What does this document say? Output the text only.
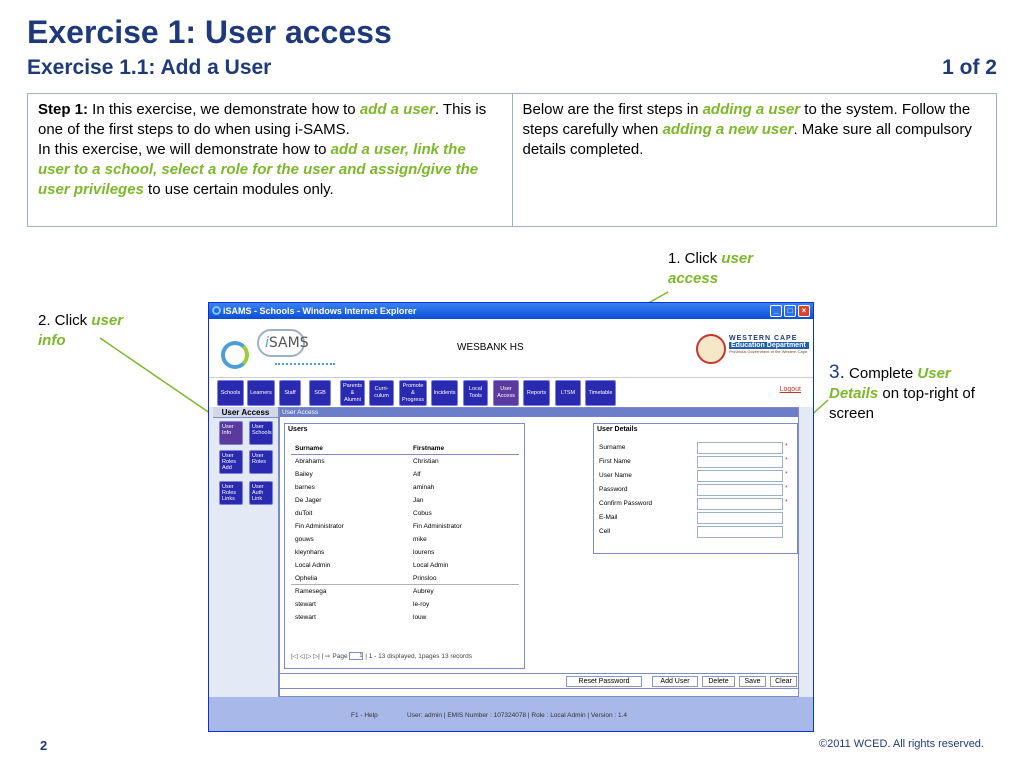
Exercise 1: User access
Exercise 1.1: Add a User	1 of 2
Step 1: In this exercise, we demonstrate how to add a user. This is one of the first steps to do when using i-SAMS.
In this exercise, we will demonstrate how to add a user, link the user to a school, select a role for the user and assign/give the user privileges to use certain modules only.
Below are the first steps in adding a user to the system. Follow the steps carefully when adding a new user. Make sure all compulsory details completed.
1. Click user access
2. Click user info
3. Complete User Details on top-right of screen
iSAMS - Schools - Windows Internet Explorer	_	□	×
iSAMS	WESBANK HS
WESTERN CAPE
Education Department
Provincial Government of the Western Cape
Schools	Learners	Staff	SGB
Parents & Alumni
Curri-culum
Promote & Progress
Incidents
Local Tools
User Access
Reports	LTSM	Timetable	Logout
User Access
User Info
User Schools
User Roles Add
User Roles
User Roles Links
User Auth Link
User Access
Users
Surname	Firstname
Abrahams	Christian
Bailey	Alf
barnes	aminah
De Jager	Jan
duToit	Cobus
Fin Administrator	Fin Administrator
gouws	mike
kleynhans	lourens
Local Admin	Local Admin
Ophelia	Prinsloo
Ramesega	Aubrey
stewart	le-roy
stewart	louw
|◁ ◁ ▷ ▷| | ⇨ Page 1 | 1 - 13 displayed, 1pages 13 records
User Details
Surname	*
First Name	*
User Name	*
Password	*
Confirm Password	*
E-Mail
Cell
Reset Password	Add User	Delete	Save	Clear
F1 - Help	User: admin | EMIS Number : 107324078 | Role : Local Admin | Version : 1.4
2	©2011 WCED. All rights reserved.
